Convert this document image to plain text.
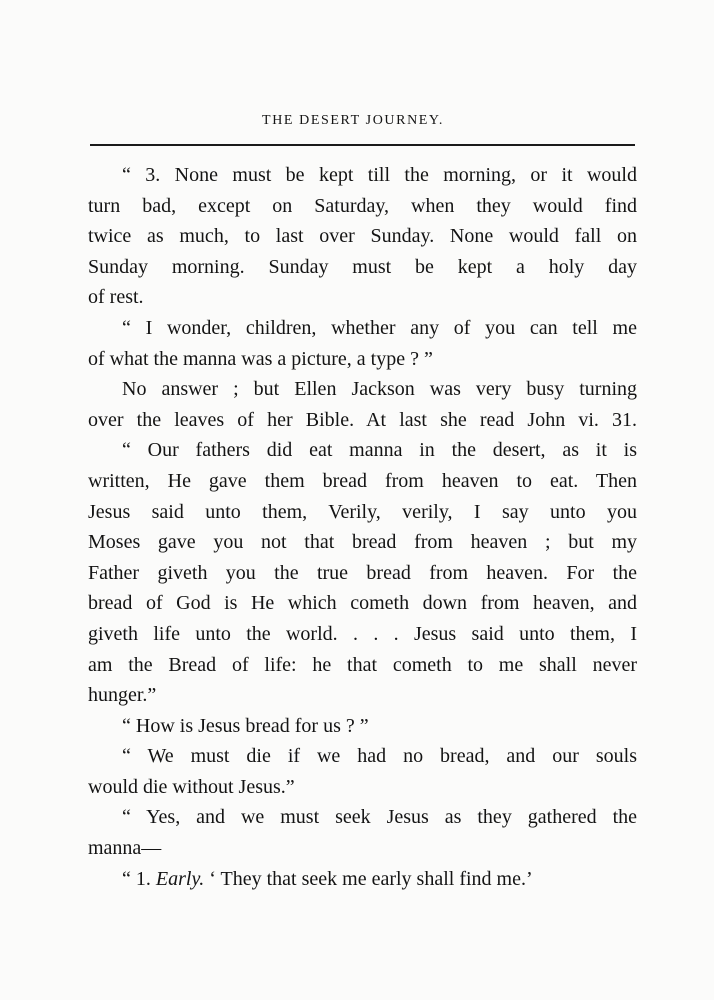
THE DESERT JOURNEY.

“ 3. None must be kept till the morning, or it would
turn bad, except on Saturday, when they would find
twice as much, to last over Sunday. None would fall on
Sunday morning. Sunday must be kept a holy day
of rest.

“ I wonder, children, whether any of you can tell me
of what the manna was a picture, a type ? ”

No answer ; but Ellen Jackson was very busy turning
over the leaves of her Bible. At last she read John vi. 31.

“ Our fathers did eat manna in the desert, as it is
written, He gave them bread from heaven to eat. Then
Jesus said unto them, Verily, verily, I say unto you
Moses gave you not that bread from heaven ; but my
Father giveth you the true bread from heaven. For the
bread of God is He which cometh down from heaven, and
giveth life unto the world. . . . Jesus said unto them, I
am the Bread of life: he that cometh to me shall never
hunger.”

“ How is Jesus bread for us ? ”

“ We must die if we had no bread, and our souls
would die without Jesus.”

“ Yes, and we must seek Jesus as they gathered the
manna—

“ 1. Early. ‘ They that seek me early shall find me.’
